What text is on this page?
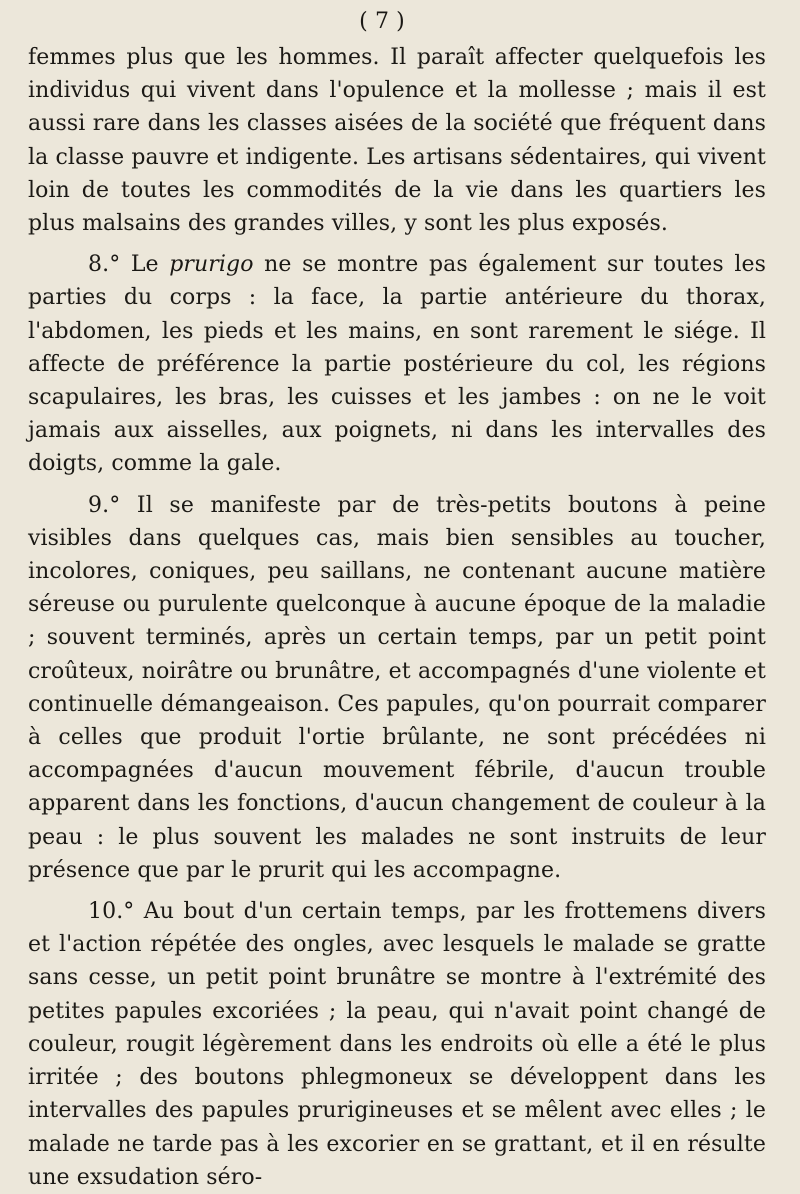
( 7 )

femmes plus que les hommes. Il paraît affecter quelquefois les individus qui vivent dans l'opulence et la mollesse ; mais il est aussi rare dans les classes aisées de la société que fréquent dans la classe pauvre et indigente. Les artisans sédentaires, qui vivent loin de toutes les commodités de la vie dans les quartiers les plus malsains des grandes villes, y sont les plus exposés.

8.° Le prurigo ne se montre pas également sur toutes les parties du corps : la face, la partie antérieure du thorax, l'abdomen, les pieds et les mains, en sont rarement le siége. Il affecte de préférence la partie postérieure du col, les régions scapulaires, les bras, les cuisses et les jambes : on ne le voit jamais aux aisselles, aux poignets, ni dans les intervalles des doigts, comme la gale.

9.° Il se manifeste par de très-petits boutons à peine visibles dans quelques cas, mais bien sensibles au toucher, incolores, coniques, peu saillans, ne contenant aucune matière séreuse ou purulente quelconque à aucune époque de la maladie ; souvent terminés, après un certain temps, par un petit point croûteux, noirâtre ou brunâtre, et accompagnés d'une violente et continuelle démangeaison. Ces papules, qu'on pourrait comparer à celles que produit l'ortie brûlante, ne sont précédées ni accompagnées d'aucun mouvement fébrile, d'aucun trouble apparent dans les fonctions, d'aucun changement de couleur à la peau : le plus souvent les malades ne sont instruits de leur présence que par le prurit qui les accompagne.

10.° Au bout d'un certain temps, par les frottemens divers et l'action répétée des ongles, avec lesquels le malade se gratte sans cesse, un petit point brunâtre se montre à l'extrémité des petites papules excoriées ; la peau, qui n'avait point changé de couleur, rougit légèrement dans les endroits où elle a été le plus irritée ; des boutons phlegmoneux se développent dans les intervalles des papules prurigineuses et se mêlent avec elles ; le malade ne tarde pas à les excorier en se grattant, et il en résulte une exsudation séro-
